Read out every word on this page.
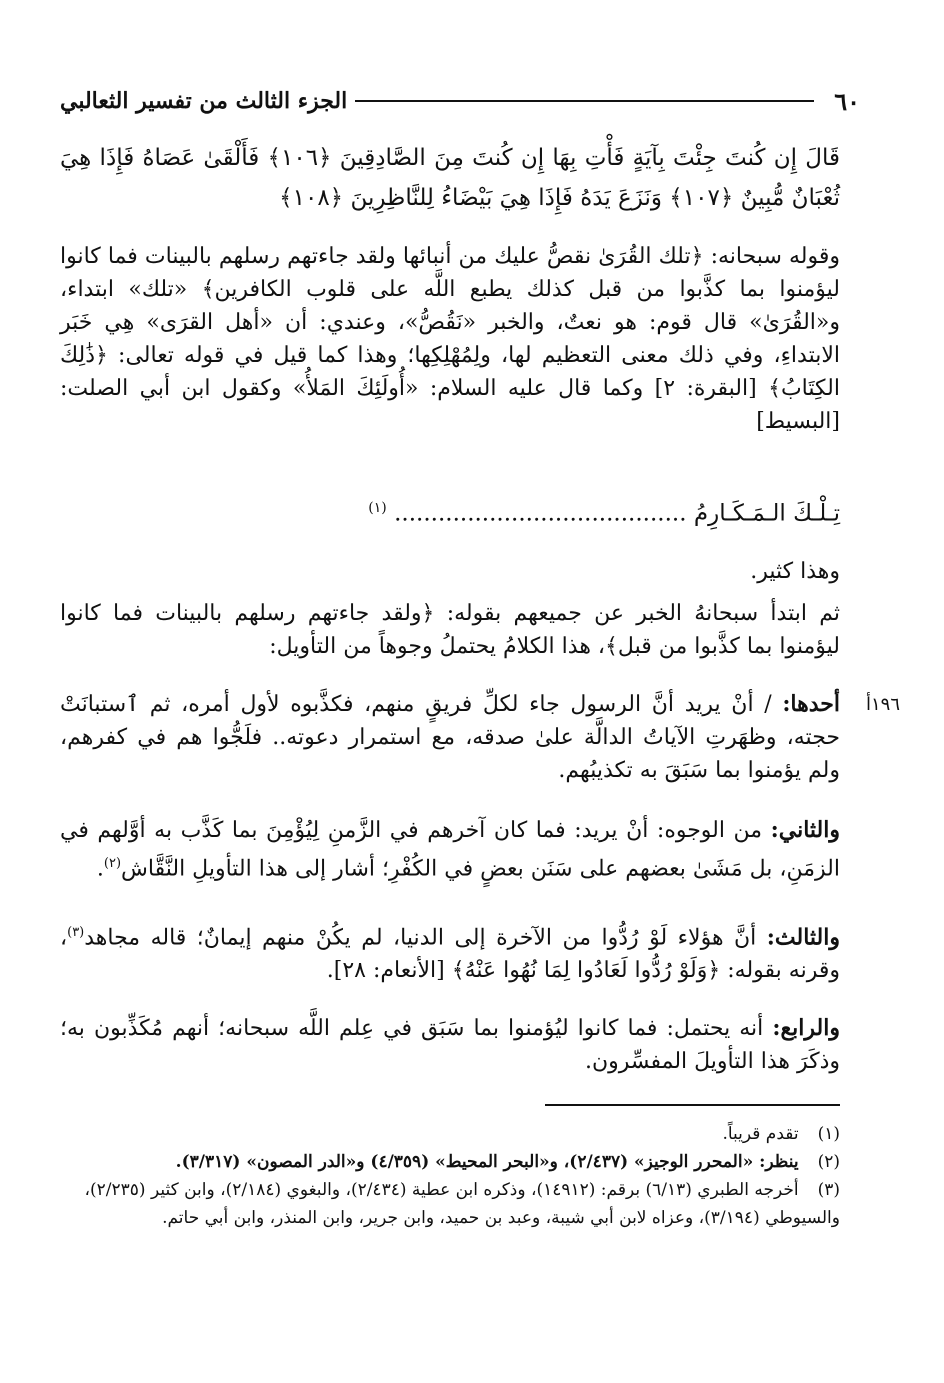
٦٠
الجزء الثالث من تفسير الثعالبي
قَالَ إِن كُنتَ جِئْتَ بِآيَةٍ فَأْتِ بِهَا إِن كُنتَ مِنَ الصَّادِقِينَ ﴿١٠٦﴾ فَأَلْقَىٰ عَصَاهُ فَإِذَا هِيَ ثُعْبَانٌ مُّبِينٌ ﴿١٠٧﴾ وَنَزَعَ يَدَهُ فَإِذَا هِيَ بَيْضَاءُ لِلنَّاظِرِينَ ﴿١٠٨﴾
وقوله سبحانه: ﴿تلك القُرَىٰ نقصُّ عليك من أنبائها ولقد جاءتهم رسلهم بالبينات فما كانوا ليؤمنوا بما كذَّبوا من قبل كذلك يطبع اللَّه على قلوب الكافرين﴾ «تلك» ابتداء، و«القُرَىٰ» قال قوم: هو نعتٌ، والخبر «نَقُصُّ»، وعندي: أن «أهل القرَى» هِي خَبَر الابتداءِ، وفي ذلك معنى التعظيم لها، ولِمُهْلِكِها؛ وهذا كما قيل في قوله تعالى: ﴿ذَٰلِكَ الكِتَابُ﴾ [البقرة: ٢] وكما قال عليه السلام: «أُولَئِكَ المَلأُ» وكقول ابن أبي الصلت: [البسيط]
تِـلْـكَ الـمَـكَـارِمُ ........................................ $^{(١)}$
وهذا كثير.
ثم ابتدأ سبحانهُ الخبر عن جميعهم بقوله: ﴿ولقد جاءتهم رسلهم بالبينات فما كانوا ليؤمنوا بما كذَّبوا من قبل﴾، هذا الكلامُ يحتملُ وجوهاً من التأويل:
١٩٦أ
أحدها: / أنْ يريد أنَّ الرسول جاء لكلِّ فريقٍ منهم، فكذَّبوه لأول أمره، ثم ٱستبانَتْ حجته، وظهَرتِ الآياتُ الدالَّة علىٰ صدقه، مع استمرار دعوته.. فلَجُّوا هم في كفرهم، ولم يؤمنوا بما سَبَقَ به تكذيبُهم.
والثاني: من الوجوه: أنْ يريد: فما كان آخرهم في الزَّمنِ لِيُؤْمِنَ بما كَذَّب به أوَّلهم في الزمَنِ، بل مَشَىٰ بعضهم على سَنَن بعضٍ في الكُفْرِ؛ أشار إلى هذا التأويلِ النَّقَّاش$^{(٢)}$.
والثالث: أنَّ هؤلاء لَوْ رُدُّوا من الآخرة إلى الدنيا، لم يكُنْ منهم إيمانٌ؛ قاله مجاهد$^{(٣)}$، وقرنه بقوله: ﴿وَلَوْ رُدُّوا لَعَادُوا لِمَا نُهُوا عَنْهُ﴾ [الأنعام: ٢٨].
والرابع: أنه يحتمل: فما كانوا ليُؤمنوا بما سَبَق في عِلم اللَّه سبحانه؛ أنهم مُكَذِّبون به؛ وذكَرَ هذا التأويلَ المفسِّرون.
(١) تقدم قريباً.
(٢) ينظر: «المحرر الوجيز» (٢/٤٣٧)، و«البحر المحيط» (٤/٣٥٩) و«الدر المصون» (٣/٣١٧).
(٣) أخرجه الطبري (٦/١٣) برقم: (١٤٩١٢)، وذكره ابن عطية (٢/٤٣٤)، والبغوي (٢/١٨٤)، وابن كثير (٢/٢٣٥)، والسيوطي (٣/١٩٤)، وعزاه لابن أبي شيبة، وعبد بن حميد، وابن جرير، وابن المنذر، وابن أبي حاتم.
